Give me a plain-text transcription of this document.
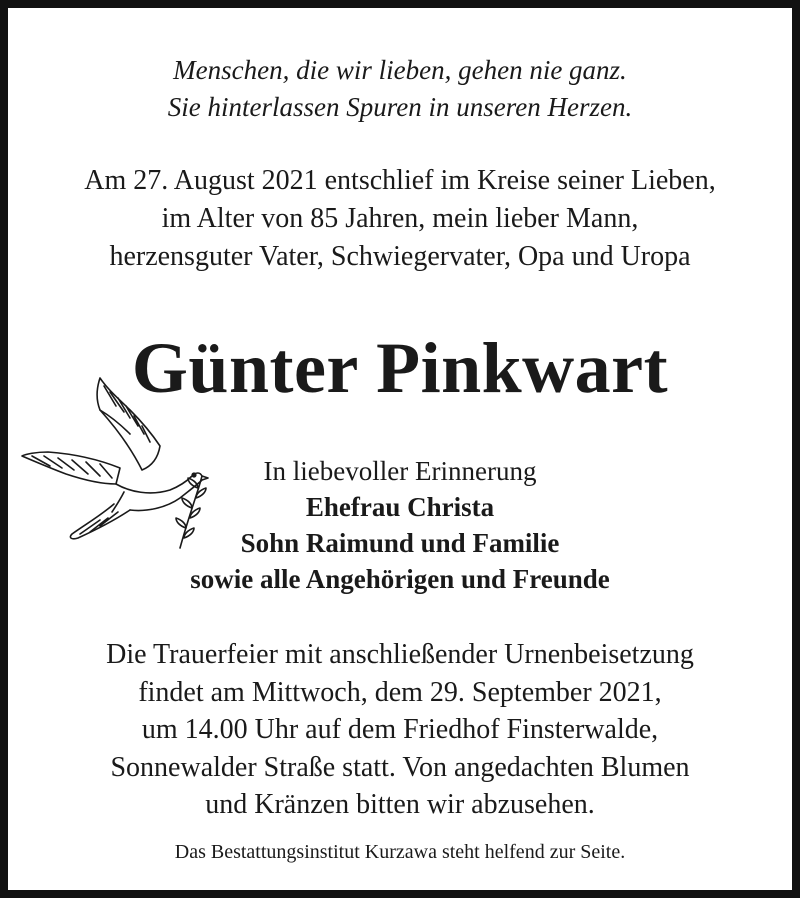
Menschen, die wir lieben, gehen nie ganz.
Sie hinterlassen Spuren in unseren Herzen.
Am 27. August 2021 entschlief im Kreise seiner Lieben,
im Alter von 85 Jahren, mein lieber Mann,
herzensguter Vater, Schwiegervater, Opa und Uropa
Günter Pinkwart
In liebevoller Erinnerung
Ehefrau Christa
Sohn Raimund und Familie
sowie alle Angehörigen und Freunde
Die Trauerfeier mit anschließender Urnenbeisetzung
findet am Mittwoch, dem 29. September 2021,
um 14.00 Uhr auf dem Friedhof Finsterwalde,
Sonnewalder Straße statt. Von angedachten Blumen
und Kränzen bitten wir abzusehen.
Das Bestattungsinstitut Kurzawa steht helfend zur Seite.
